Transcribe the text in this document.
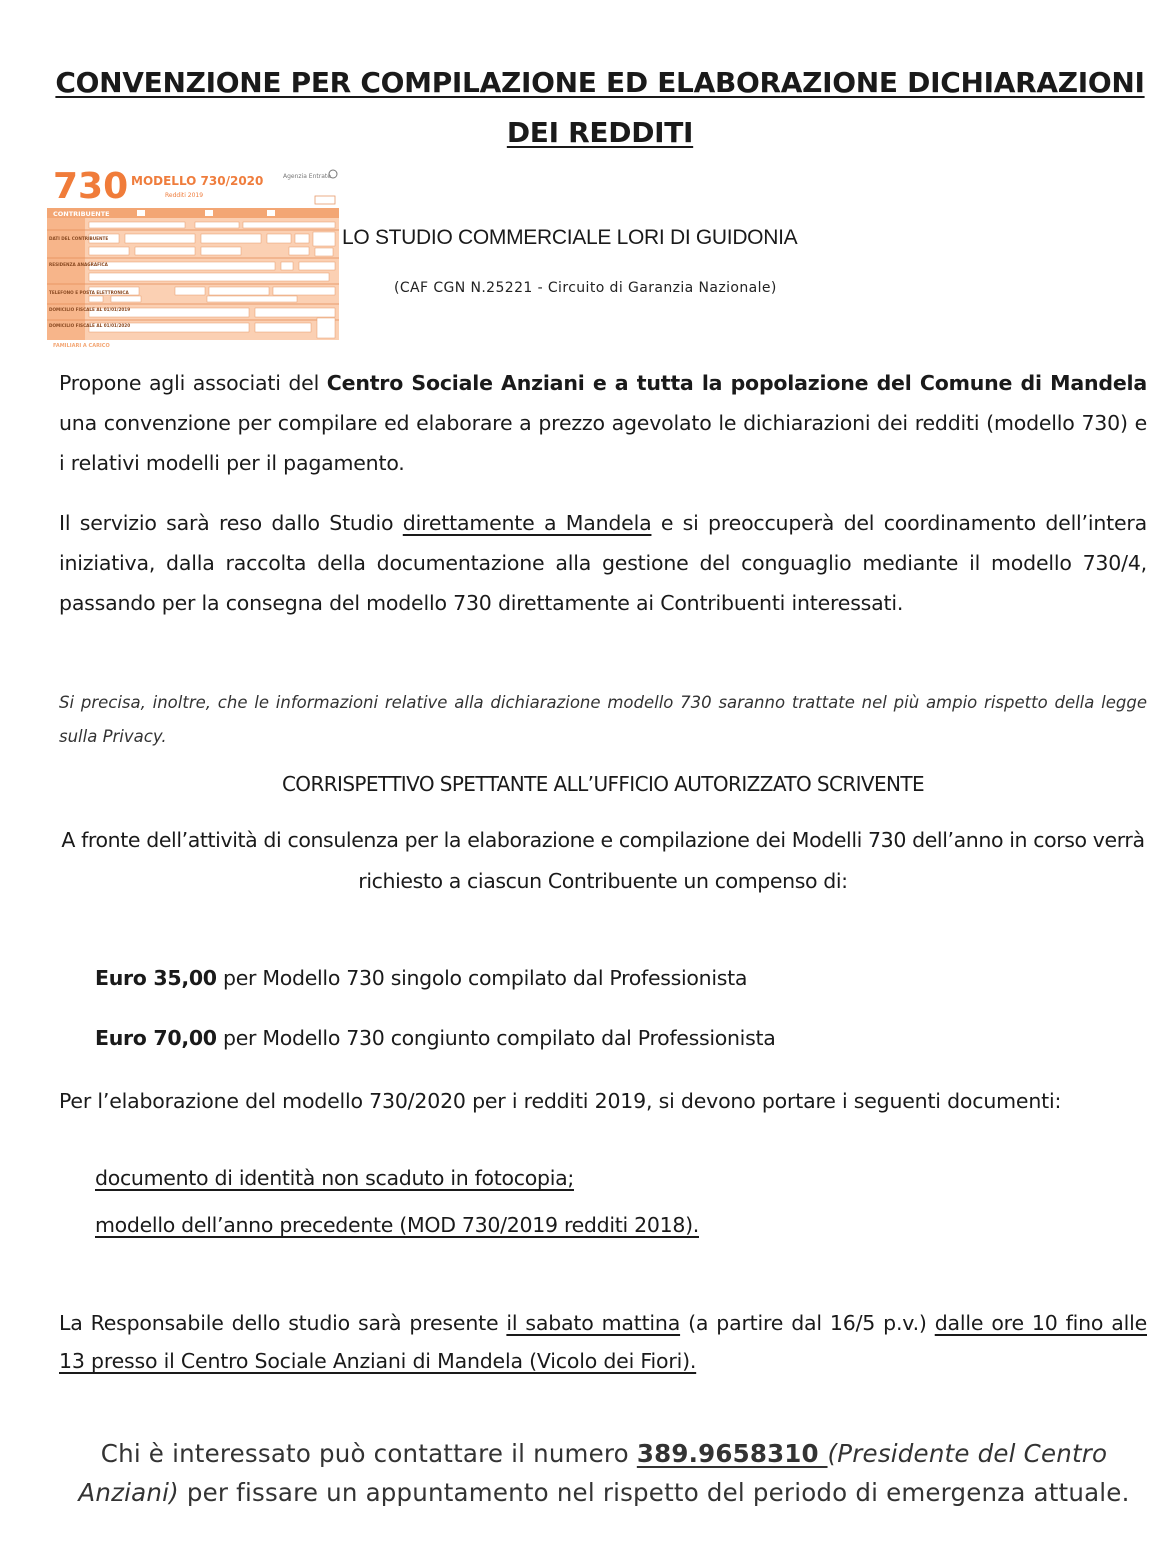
CONVENZIONE PER COMPILAZIONE ED ELABORAZIONE DICHIARAZIONI DEI REDDITI
730 MODELLO 730/2020
Redditi 2019
Agenzia Entrate
CONTRIBUENTE
DATI DEL CONTRIBUENTE
RESIDENZA ANAGRAFICA
TELEFONO E POSTA ELETTRONICA
DOMICILIO FISCALE AL 01/01/2019
DOMICILIO FISCALE AL 01/01/2020
FAMILIARI A CARICO
LO STUDIO COMMERCIALE LORI DI GUIDONIA
(CAF CGN N.25221 - Circuito di Garanzia Nazionale)
Propone agli associati del Centro Sociale Anziani e a tutta la popolazione del Comune di Mandela una convenzione per compilare ed elaborare a prezzo agevolato le dichiarazioni dei redditi (modello 730) e i relativi modelli per il pagamento.
Il servizio sarà reso dallo Studio direttamente a Mandela e si preoccuperà del coordinamento dell’intera iniziativa, dalla raccolta della documentazione alla gestione del conguaglio mediante il modello 730/4, passando per la consegna del modello 730 direttamente ai Contribuenti interessati.
Si precisa, inoltre, che le informazioni relative alla dichiarazione modello 730 saranno trattate nel più ampio rispetto della legge sulla Privacy.
CORRISPETTIVO SPETTANTE ALL’UFFICIO AUTORIZZATO SCRIVENTE
A fronte dell’attività di consulenza per la elaborazione e compilazione dei Modelli 730 dell’anno in corso verrà richiesto a ciascun Contribuente un compenso di:
Euro 35,00 per Modello 730 singolo compilato dal Professionista
Euro 70,00 per Modello 730 congiunto compilato dal Professionista
Per l’elaborazione del modello 730/2020 per i redditi 2019, si devono portare i seguenti documenti:
documento di identità non scaduto in fotocopia;
modello dell’anno precedente (MOD 730/2019 redditi 2018).
La Responsabile dello studio sarà presente il sabato mattina (a partire dal 16/5 p.v.) dalle ore 10 fino alle 13 presso il Centro Sociale Anziani di Mandela (Vicolo dei Fiori).
Chi è interessato può contattare il numero 389.9658310 (Presidente del Centro Anziani) per fissare un appuntamento nel rispetto del periodo di emergenza attuale.
